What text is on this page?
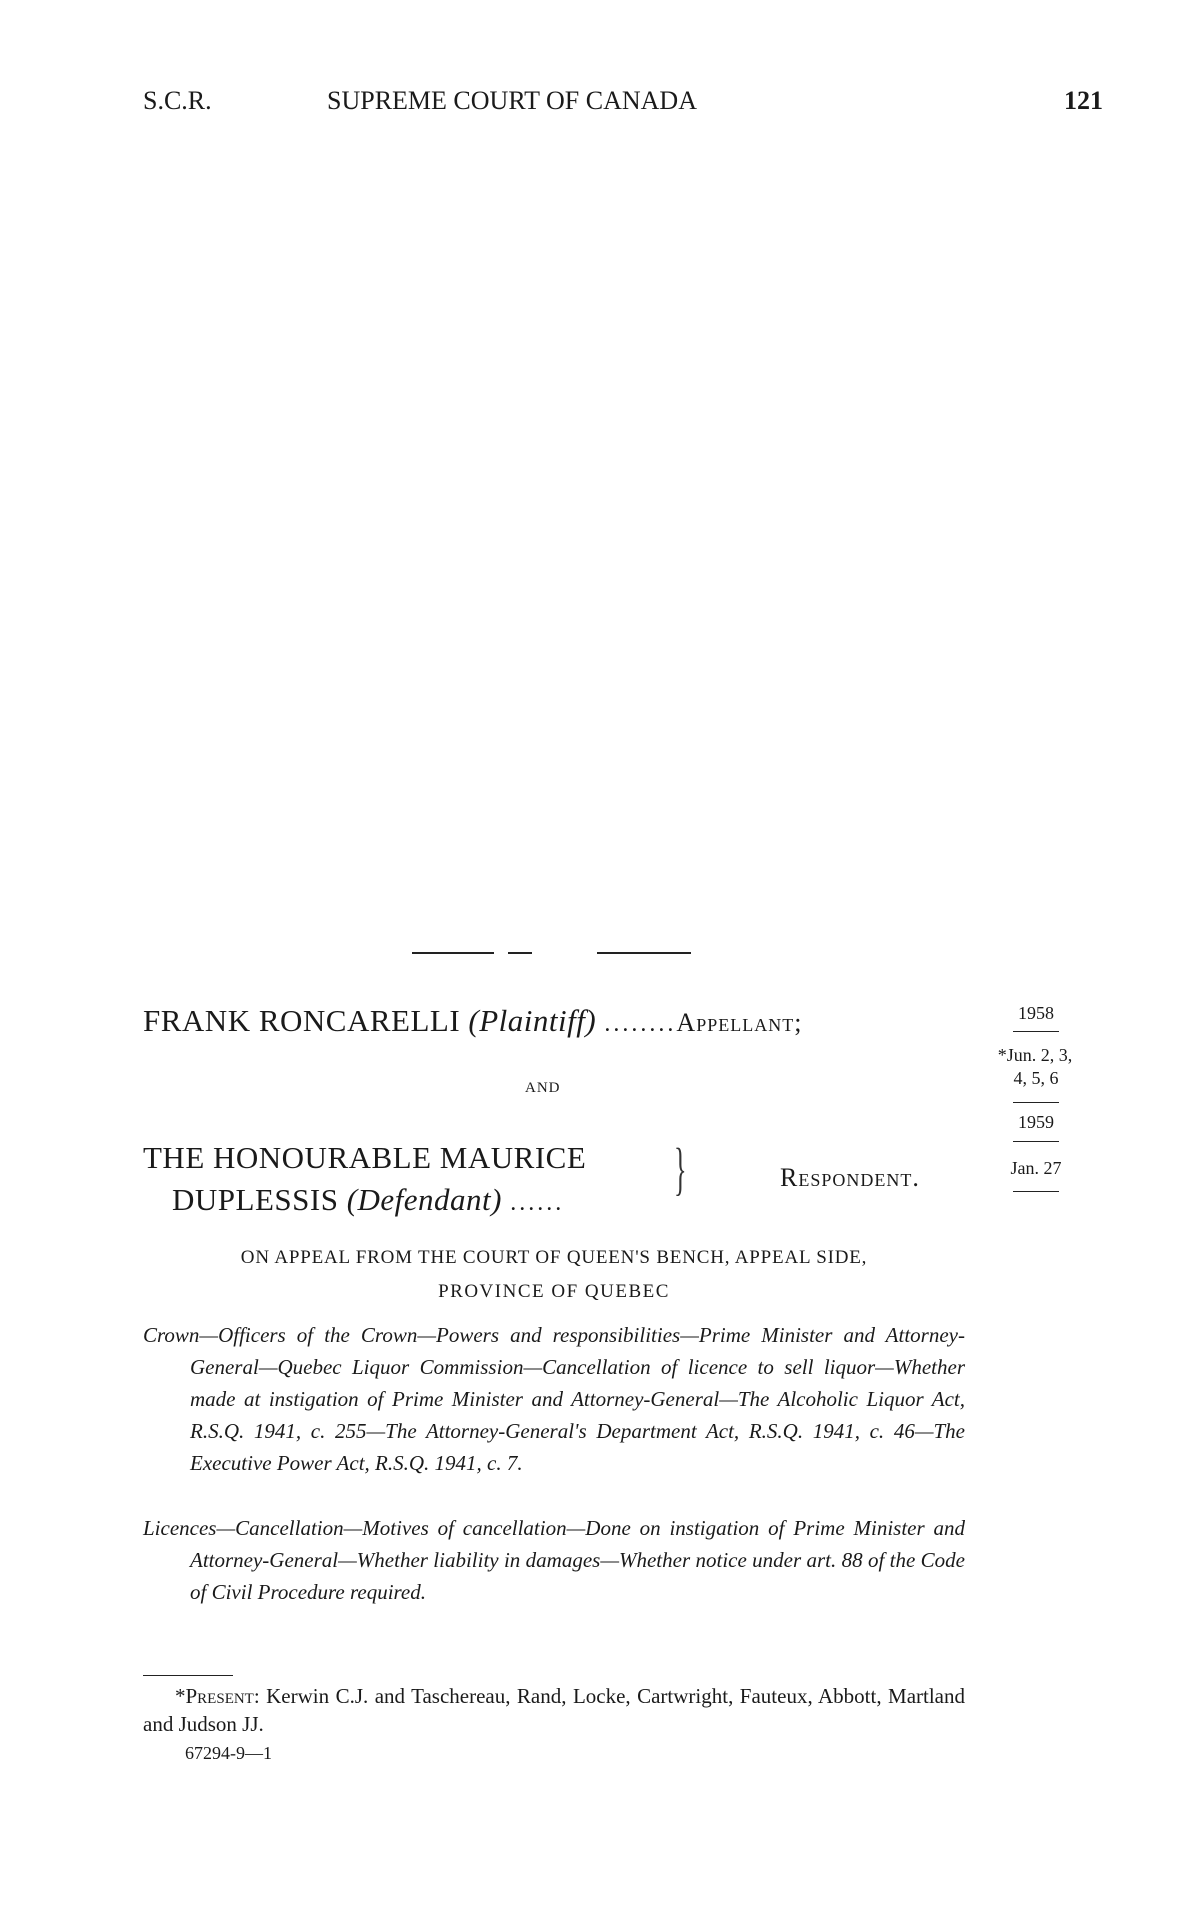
S.C.R.	SUPREME COURT OF CANADA	121
FRANK RONCARELLI (Plaintiff) ........Appellant;
and
THE HONOURABLE MAURICE
DUPLESSIS (Defendant) ......
}	Respondent.
1958
*Jun. 2, 3,
4, 5, 6
1959
Jan. 27
ON APPEAL FROM THE COURT OF QUEEN'S BENCH, APPEAL SIDE,
PROVINCE OF QUEBEC
Crown—Officers of the Crown—Powers and responsibilities—Prime Minister and Attorney-General—Quebec Liquor Commission—Cancellation of licence to sell liquor—Whether made at instigation of Prime Minister and Attorney-General—The Alcoholic Liquor Act, R.S.Q. 1941, c. 255—The Attorney-General's Department Act, R.S.Q. 1941, c. 46—The Executive Power Act, R.S.Q. 1941, c. 7.
Licences—Cancellation—Motives of cancellation—Done on instigation of Prime Minister and Attorney-General—Whether liability in damages—Whether notice under art. 88 of the Code of Civil Procedure required.
*Present: Kerwin C.J. and Taschereau, Rand, Locke, Cartwright, Fauteux, Abbott, Martland and Judson JJ.
67294-9—1
